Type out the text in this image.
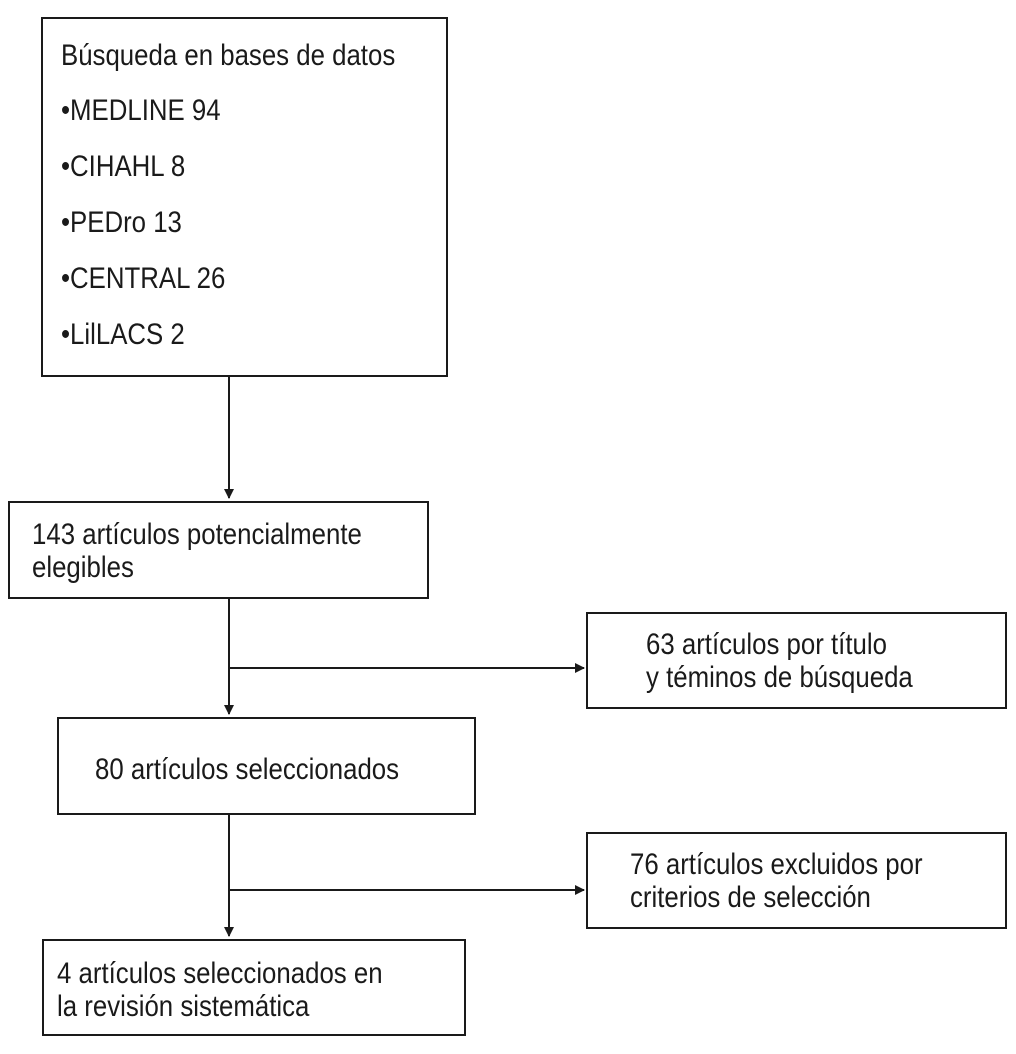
Búsqueda en bases de datos
•MEDLINE 94
•CIHAHL 8
•PEDro 13
•CENTRAL 26
•LilLACS 2
143 artículos potencialmente
elegibles
63 artículos por título
y téminos de búsqueda
80 artículos seleccionados
76 artículos excluidos por
criterios de selección
4 artículos seleccionados en
la revisión sistemática
